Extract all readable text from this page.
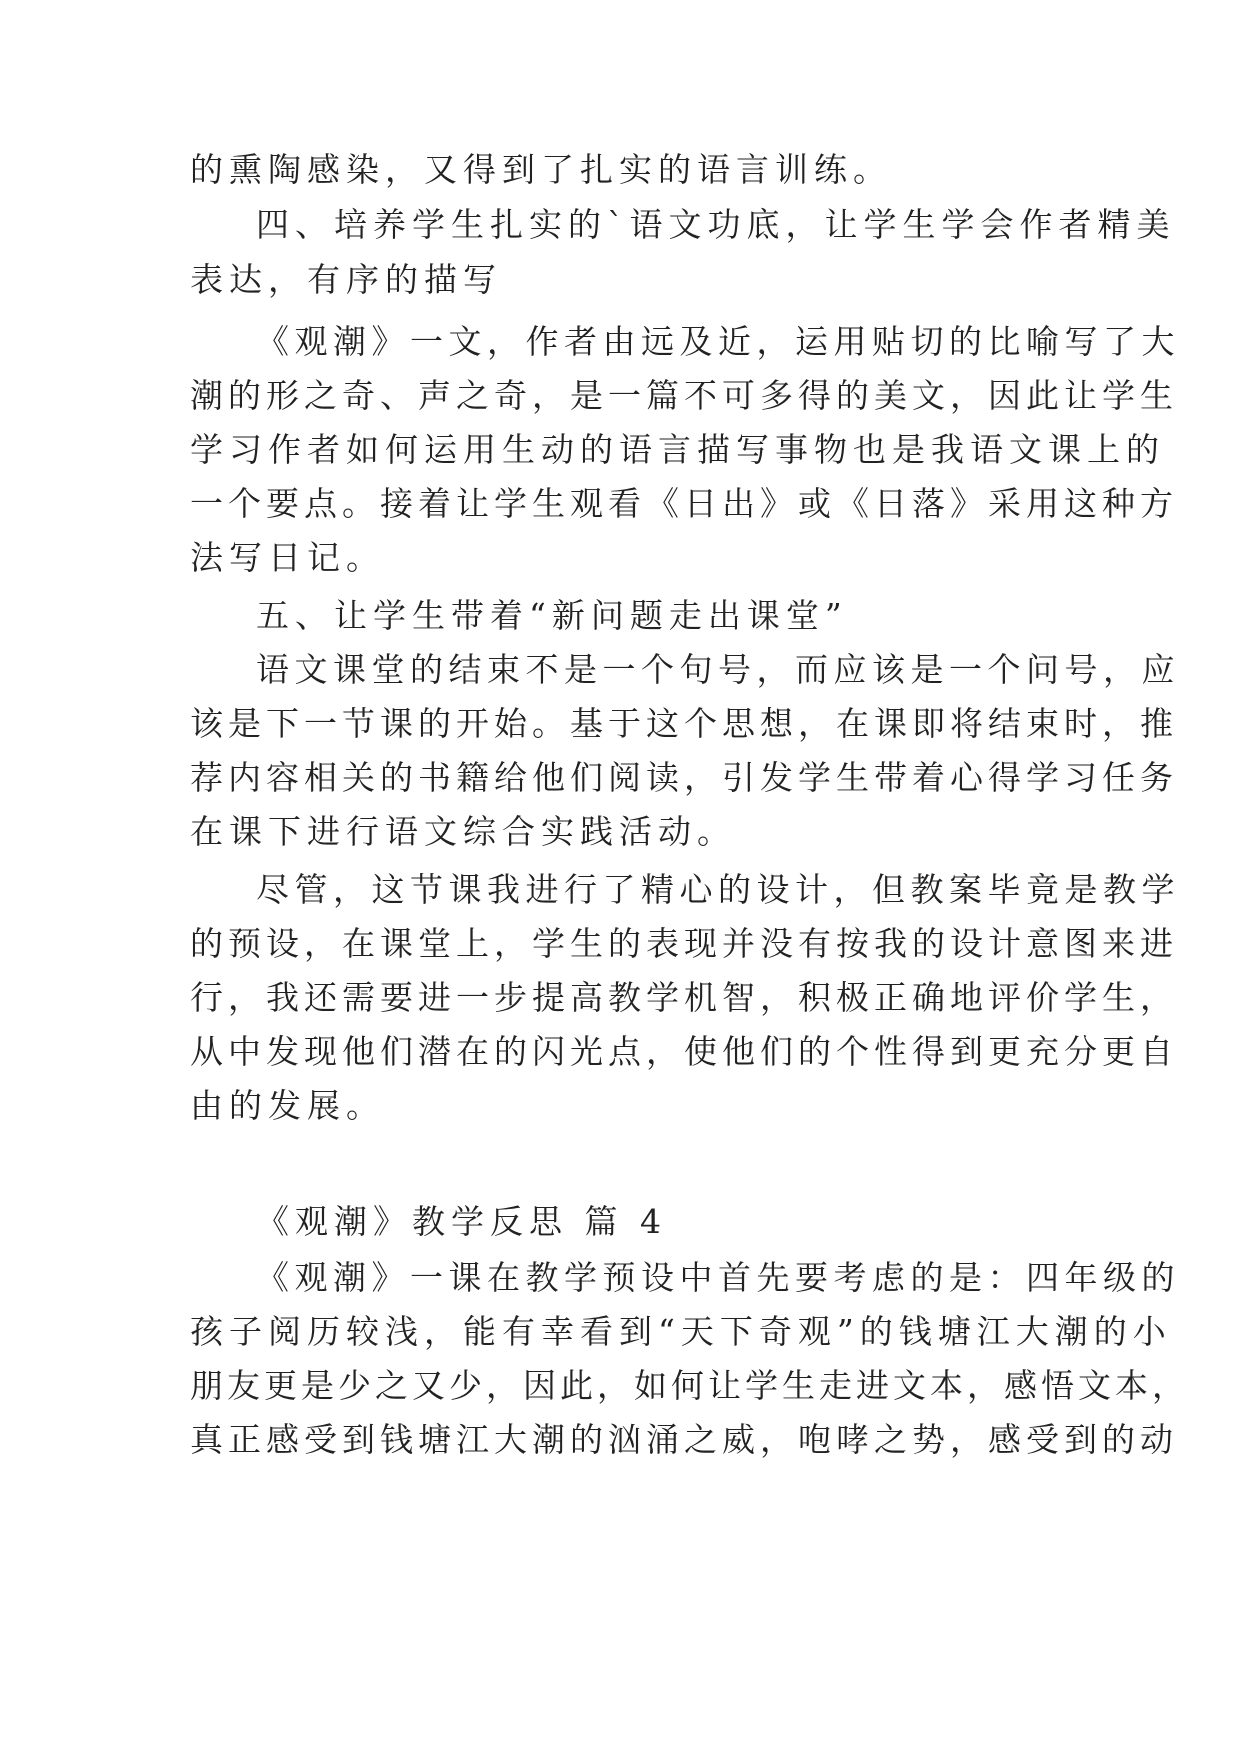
的熏陶感染，又得到了扎实的语言训练。
四、培养学生扎实的`语文功底，让学生学会作者精美
表达，有序的描写
《观潮》一文，作者由远及近，运用贴切的比喻写了大
潮的形之奇、声之奇，是一篇不可多得的美文，因此让学生
学习作者如何运用生动的语言描写事物也是我语文课上的
一个要点。接着让学生观看《日出》或《日落》采用这种方
法写日记。
五、让学生带着“新问题走出课堂”
语文课堂的结束不是一个句号，而应该是一个问号，应
该是下一节课的开始。基于这个思想，在课即将结束时，推
荐内容相关的书籍给他们阅读，引发学生带着心得学习任务
在课下进行语文综合实践活动。
尽管，这节课我进行了精心的设计，但教案毕竟是教学
的预设，在课堂上，学生的表现并没有按我的设计意图来进
行，我还需要进一步提高教学机智，积极正确地评价学生，
从中发现他们潜在的闪光点，使他们的个性得到更充分更自
由的发展。
《观潮》教学反思 篇 4
《观潮》一课在教学预设中首先要考虑的是：四年级的
孩子阅历较浅，能有幸看到“天下奇观”的钱塘江大潮的小
朋友更是少之又少，因此，如何让学生走进文本，感悟文本，
真正感受到钱塘江大潮的汹涌之威，咆哮之势，感受到的动
